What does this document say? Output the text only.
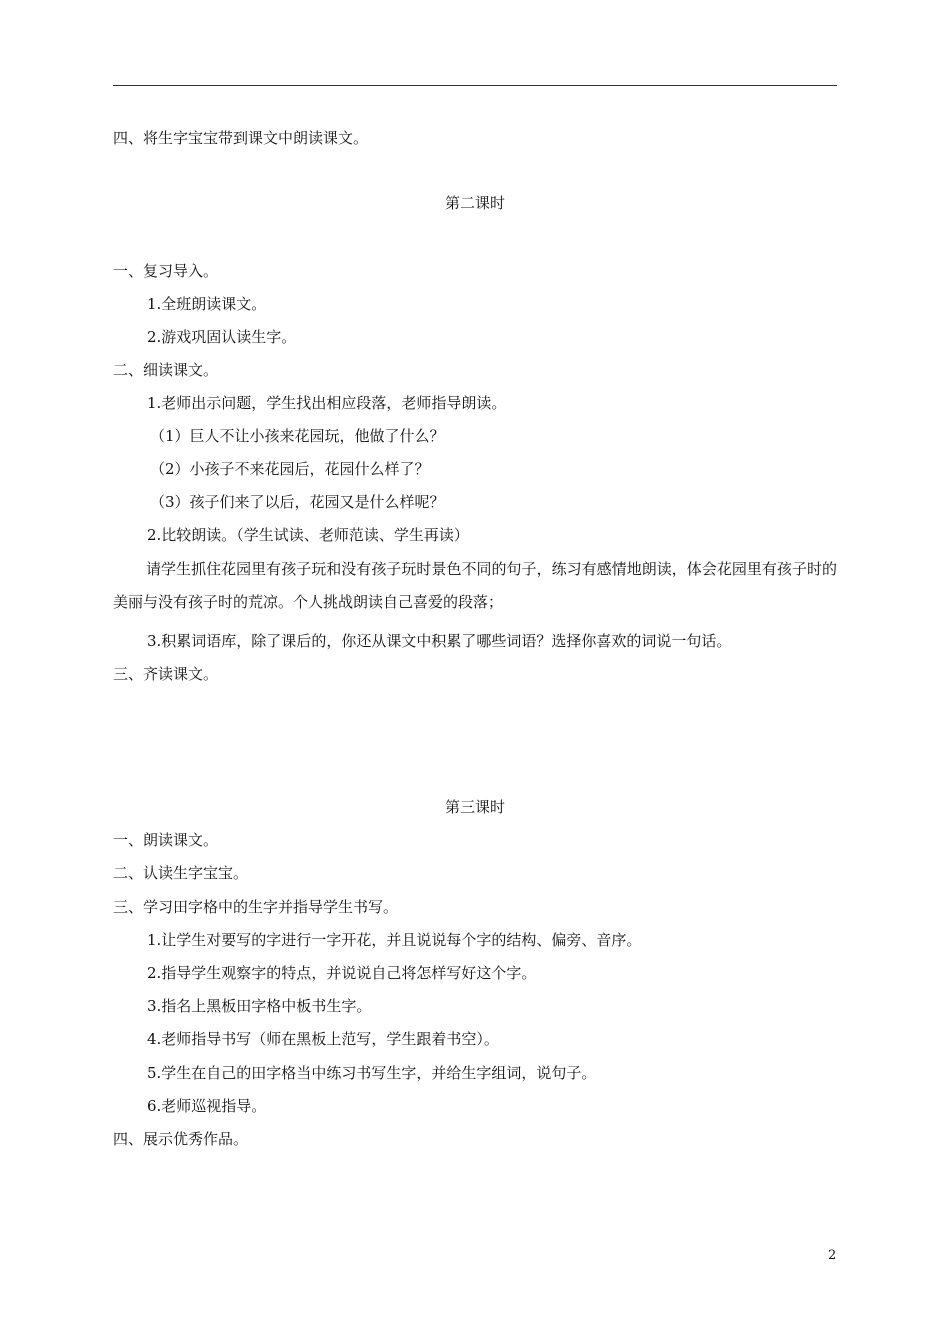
四、将生字宝宝带到课文中朗读课文。
第二课时
一、复习导入。
1.全班朗读课文。
2.游戏巩固认读生字。
二、细读课文。
1.老师出示问题，学生找出相应段落，老师指导朗读。
（1）巨人不让小孩来花园玩，他做了什么？
（2）小孩子不来花园后，花园什么样了？
（3）孩子们来了以后，花园又是什么样呢？
2.比较朗读。（学生试读、老师范读、学生再读）
请学生抓住花园里有孩子玩和没有孩子玩时景色不同的句子，练习有感情地朗读，体会花园里有孩子时的美丽与没有孩子时的荒凉。个人挑战朗读自己喜爱的段落；
3.积累词语库，除了课后的，你还从课文中积累了哪些词语？选择你喜欢的词说一句话。
三、齐读课文。
第三课时
一、朗读课文。
二、认读生字宝宝。
三、学习田字格中的生字并指导学生书写。
1.让学生对要写的字进行一字开花，并且说说每个字的结构、偏旁、音序。
2.指导学生观察字的特点，并说说自己将怎样写好这个字。
3.指名上黑板田字格中板书生字。
4.老师指导书写（师在黑板上范写，学生跟着书空）。
5.学生在自己的田字格当中练习书写生字，并给生字组词，说句子。
6.老师巡视指导。
四、展示优秀作品。
2
